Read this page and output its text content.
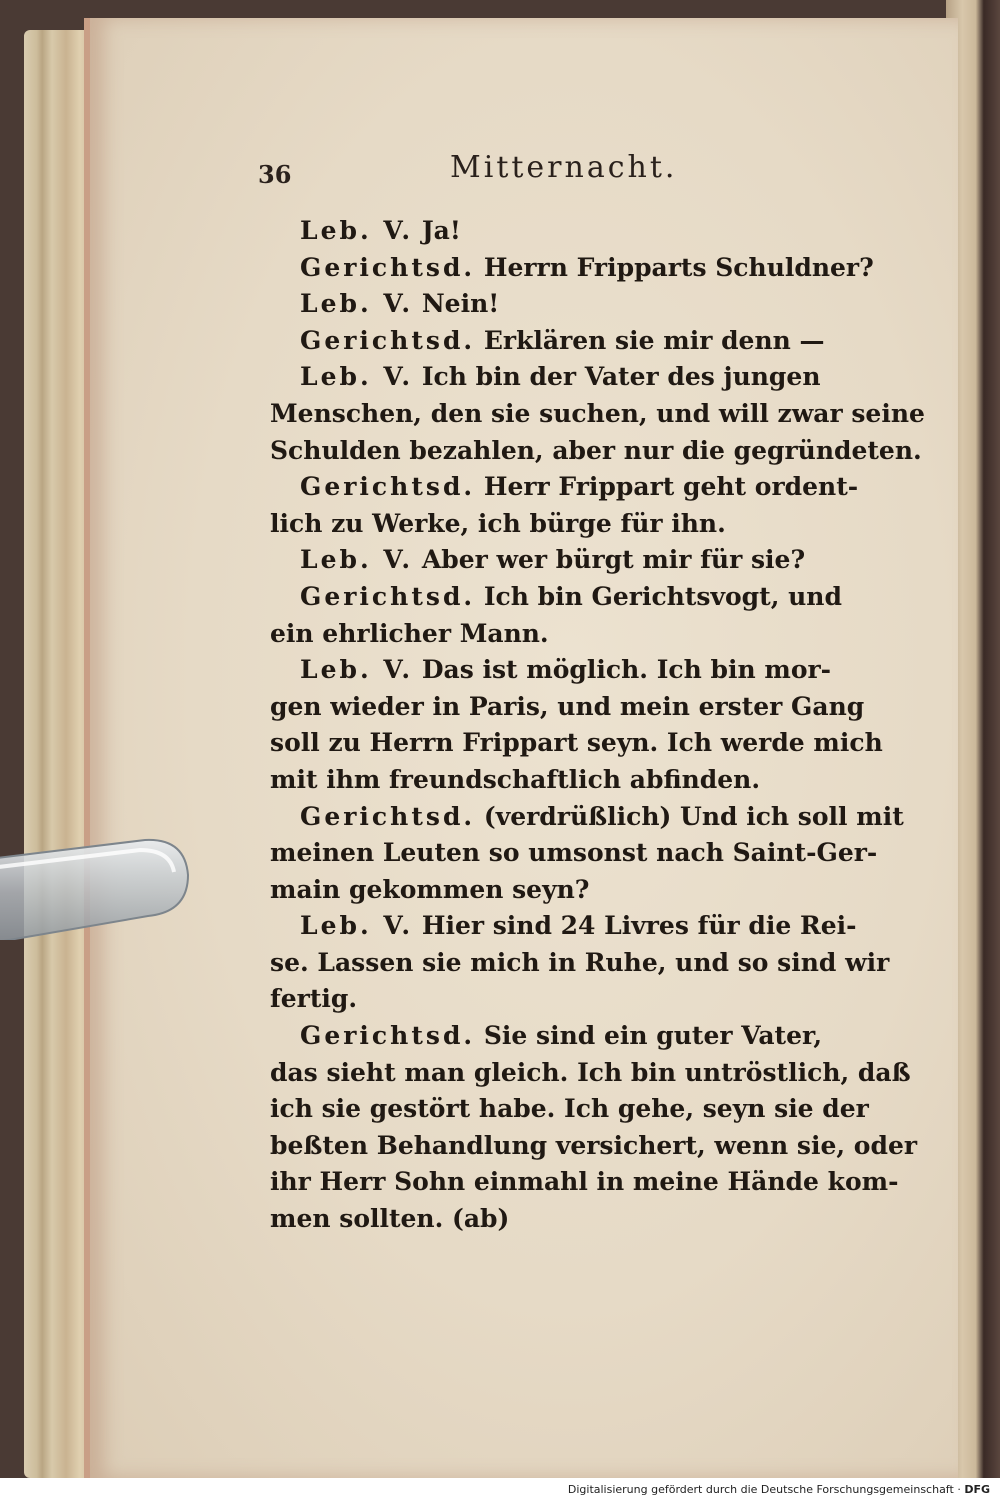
36	Mitternacht.
Leb. V. Ja!
Gerichtsd. Herrn Fripparts Schuldner?
Leb. V. Nein!
Gerichtsd. Erklären sie mir denn —
Leb. V. Ich bin der Vater des jungen
Menschen, den sie suchen, und will zwar seine
Schulden bezahlen, aber nur die gegründeten.
Gerichtsd. Herr Frippart geht ordent-
lich zu Werke, ich bürge für ihn.
Leb. V. Aber wer bürgt mir für sie?
Gerichtsd. Ich bin Gerichtsvogt, und
ein ehrlicher Mann.
Leb. V. Das ist möglich. Ich bin mor-
gen wieder in Paris, und mein erster Gang
soll zu Herrn Frippart seyn. Ich werde mich
mit ihm freundschaftlich abfinden.
Gerichtsd. (verdrüßlich) Und ich soll mit
meinen Leuten so umsonst nach Saint-Ger-
main gekommen seyn?
Leb. V. Hier sind 24 Livres für die Rei-
se. Lassen sie mich in Ruhe, und so sind wir
fertig.
Gerichtsd. Sie sind ein guter Vater,
das sieht man gleich. Ich bin untröstlich, daß
ich sie gestört habe. Ich gehe, seyn sie der
beßten Behandlung versichert, wenn sie, oder
ihr Herr Sohn einmahl in meine Hände kom-
men sollten. (ab)
Digitalisierung gefördert durch die Deutsche Forschungsgemeinschaft · DFG
